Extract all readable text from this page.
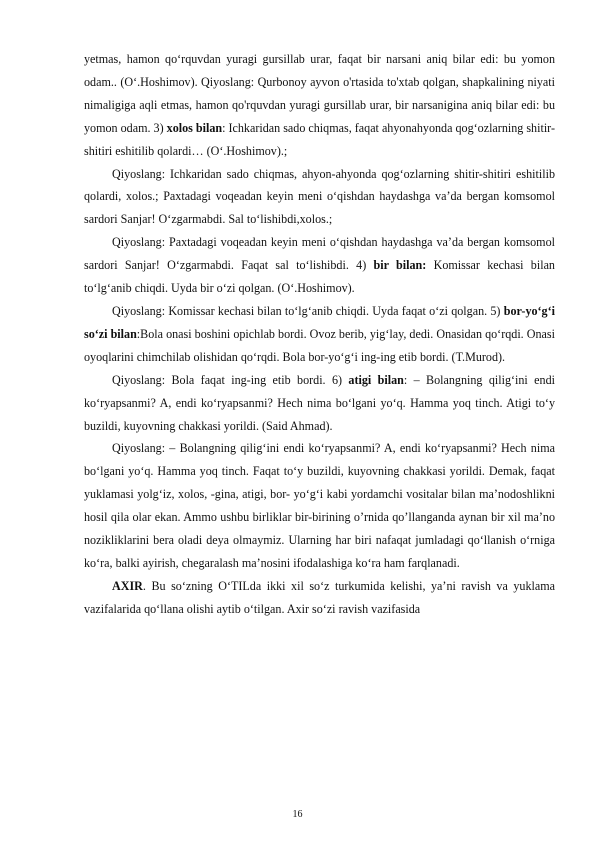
yetmas, hamon qo‘rquvdan yuragi gursillab urar, faqat bir narsani aniq bilar edi: bu yomon odam.. (O‘.Hoshimov). Qiyoslang: Qurbonoy ayvon o'rtasida to'xtab qolgan, shapkalining niyati nimaligiga aqli etmas, hamon qo'rquvdan yuragi gursillab urar, bir narsanigina aniq bilar edi: bu yomon odam. 3) xolos bilan: Ichkaridan sado chiqmas, faqat ahyonahyonda qog‘ozlarning shitir-shitiri eshitilib qolardi… (O‘.Hoshimov).;

Qiyoslang: Ichkaridan sado chiqmas, ahyon-ahyonda qog‘ozlarning shitir-shitiri eshitilib qolardi, xolos.; Paxtadagi voqeadan keyin meni o‘qishdan haydashga va’da bergan komsomol sardori Sanjar! O‘zgarmabdi. Sal to‘lishibdi,xolos.;

Qiyoslang: Paxtadagi voqeadan keyin meni o‘qishdan haydashga va’da bergan komsomol sardori Sanjar! O‘zgarmabdi. Faqat sal to‘lishibdi. 4) bir bilan: Komissar kechasi bilan to‘lg‘anib chiqdi. Uyda bir o‘zi qolgan. (O‘.Hoshimov).

Qiyoslang: Komissar kechasi bilan to‘lg‘anib chiqdi. Uyda faqat o‘zi qolgan. 5) bor-yo‘g‘i so‘zi bilan:Bola onasi boshini opichlab bordi. Ovoz berib, yig‘lay, dedi. Onasidan qo‘rqdi. Onasi oyoqlarini chimchilab olishidan qo‘rqdi. Bola bor-yo‘g‘i ing-ing etib bordi. (T.Murod).

Qiyoslang: Bola faqat ing-ing etib bordi. 6) atigi bilan: – Bolangning qilig‘ini endi ko‘ryapsanmi? A, endi ko‘ryapsanmi? Hech nima bo‘lgani yo‘q. Hamma yoq tinch. Atigi to‘y buzildi, kuyovning chakkasi yorildi. (Said Ahmad).

Qiyoslang: – Bolangning qilig‘ini endi ko‘ryapsanmi? A, endi ko‘ryapsanmi? Hech nima bo‘lgani yo‘q. Hamma yoq tinch. Faqat to‘y buzildi, kuyovning chakkasi yorildi. Demak, faqat yuklamasi yolg‘iz, xolos, -gina, atigi, bor- yo‘g‘i kabi yordamchi vositalar bilan ma’nodoshlikni hosil qila olar ekan. Ammo ushbu birliklar bir-birining o’rnida qo’llanganda aynan bir xil ma’no nozikliklarini bera oladi deya olmaymiz. Ularning har biri nafaqat jumladagi qo‘llanish o‘rniga ko‘ra, balki ayirish, chegaralash ma’nosini ifodalashiga ko‘ra ham farqlanadi.

AXIR. Bu so‘zning O‘TILda ikki xil so‘z turkumida kelishi, ya’ni ravish va yuklama vazifalarida qo‘llana olishi aytib o‘tilgan. Axir so‘zi ravish vazifasida

16
